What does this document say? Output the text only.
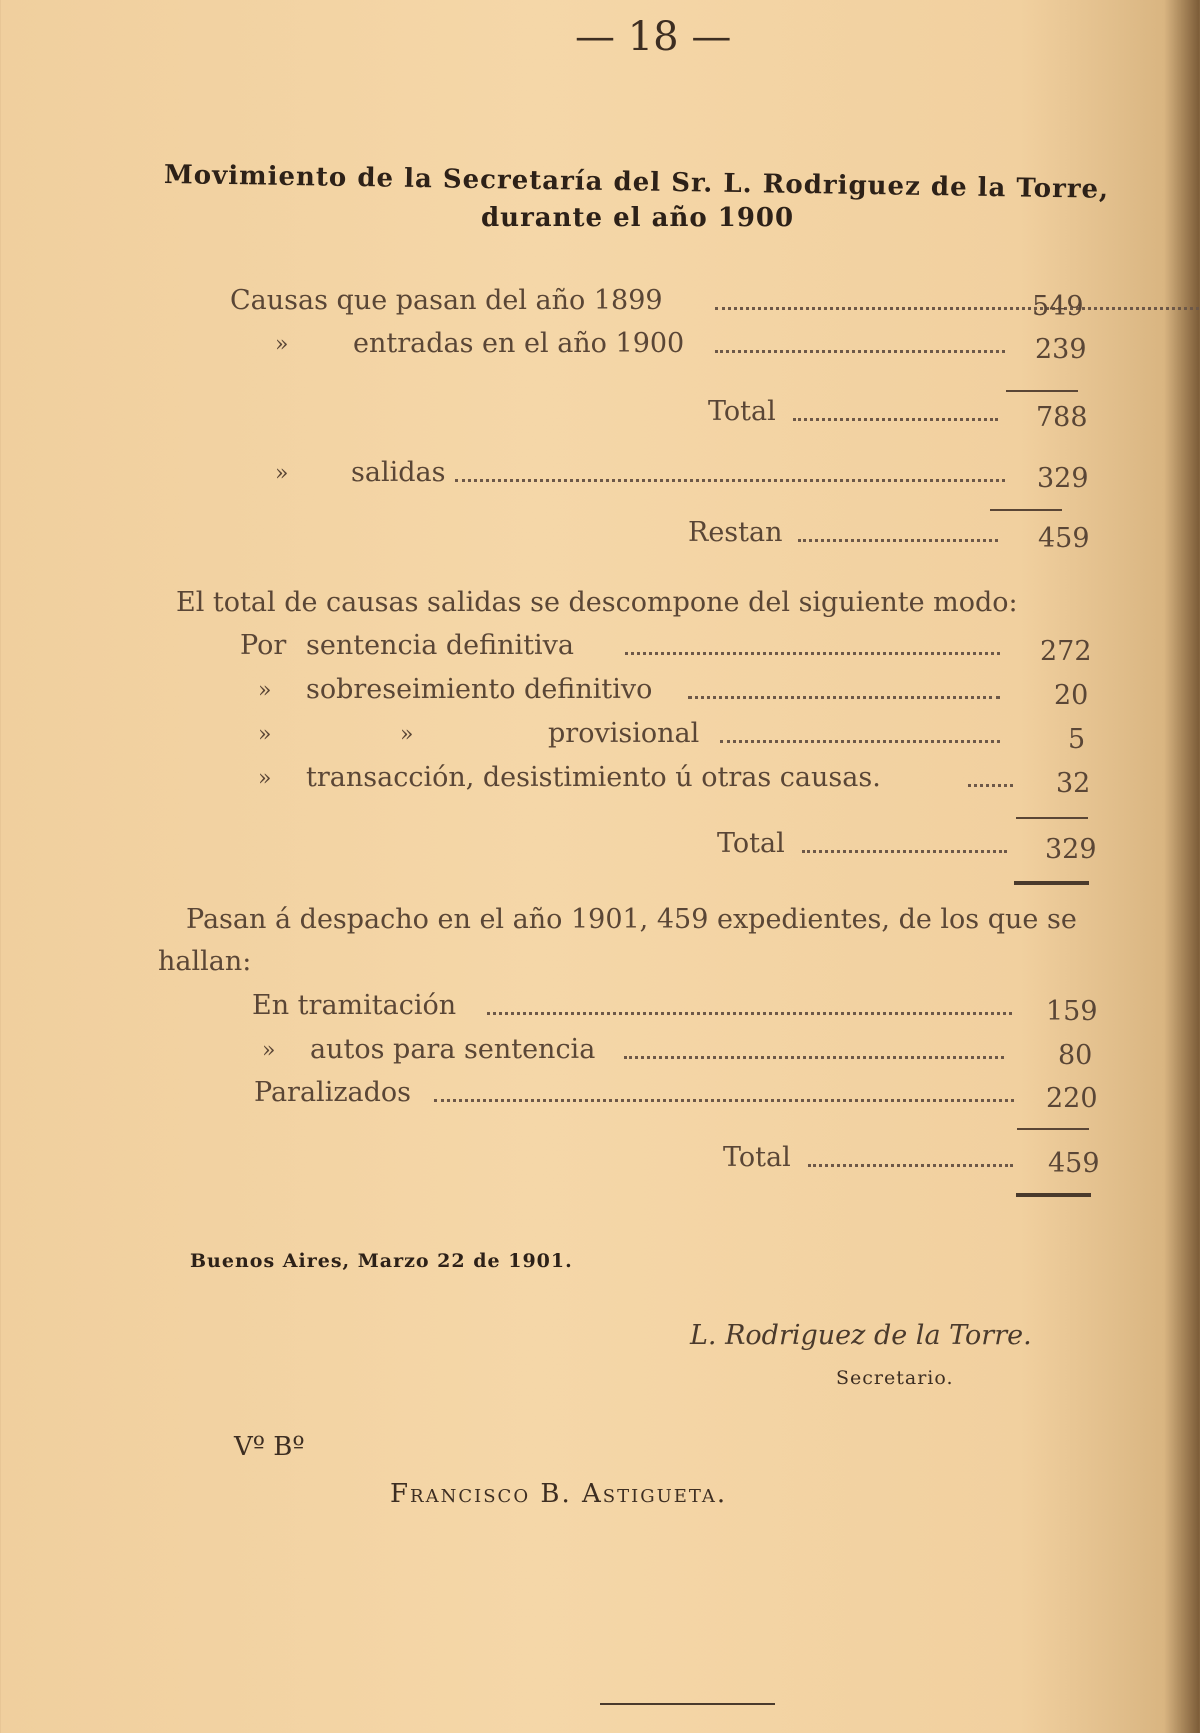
— 18 —
Movimiento de la Secretaría del Sr. L. Rodriguez de la Torre,
durante el año 1900
Causas que pasan del año 1899	549
» entradas en el año 1900	239
Total	788
» salidas	329
Restan	459
El total de causas salidas se descompone del siguiente modo:
Por sentencia definitiva	272
» sobreseimiento definitivo	20
»	»	provisional	5
» transacción, desistimiento ú otras causas.	32
Total	329
Pasan á despacho en el año 1901, 459 expedientes, de los que se
hallan:
En tramitación	159
» autos para sentencia	80
Paralizados	220
Total	459
Buenos Aires, Marzo 22 de 1901.
L. Rodriguez de la Torre.
Secretario.
Vº Bº
Francisco B. Astigueta.
